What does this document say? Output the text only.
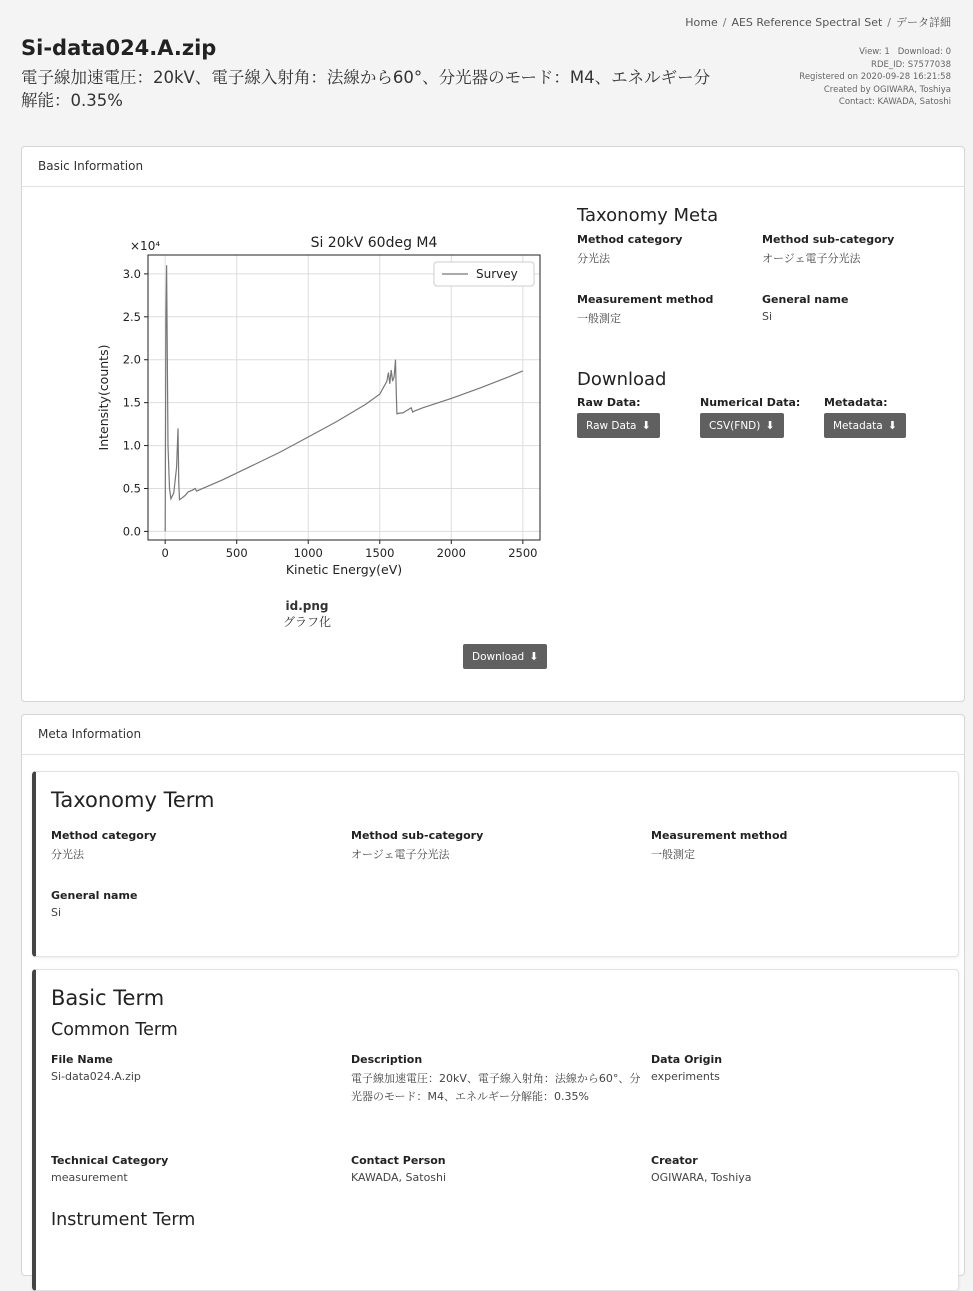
Home / AES Reference Spectral Set / データ詳細
Si-data024.A.zip
電子線加速電圧：20kV、電子線入射角：法線から60°、分光器のモード：M4、エネルギー分解能：0.35%
View: 1 Download: 0
RDE_ID: S7577038
Registered on 2020-09-28 16:21:58
Created by OGIWARA, Toshiya
Contact: KAWADA, Satoshi
Basic Information
0	500	1000	1500	2000	2500
0.0
0.5
1.0
1.5
2.0
2.5
3.0
Si 20kV 60deg M4
×10⁴
Kinetic Energy(eV)
Intensity(counts)
Survey
id.png
グラフ化
Download ⬇
Taxonomy Meta
Method category
分光法
Method sub-category
オージェ電子分光法
Measurement method
一般測定
General name
Si
Download
Raw Data:
Raw Data ⬇
Numerical Data:
CSV(FND) ⬇
Metadata:
Metadata ⬇
Meta Information
Taxonomy Term
Method category
分光法
Method sub-category
オージェ電子分光法
Measurement method
一般測定
General name
Si
Basic Term
Common Term
File Name
Si-data024.A.zip
Description
電子線加速電圧：20kV、電子線入射角：法線から60°、分光器のモード：M4、エネルギー分解能：0.35%
Data Origin
experiments
Technical Category
measurement
Contact Person
KAWADA, Satoshi
Creator
OGIWARA, Toshiya
Instrument Term
